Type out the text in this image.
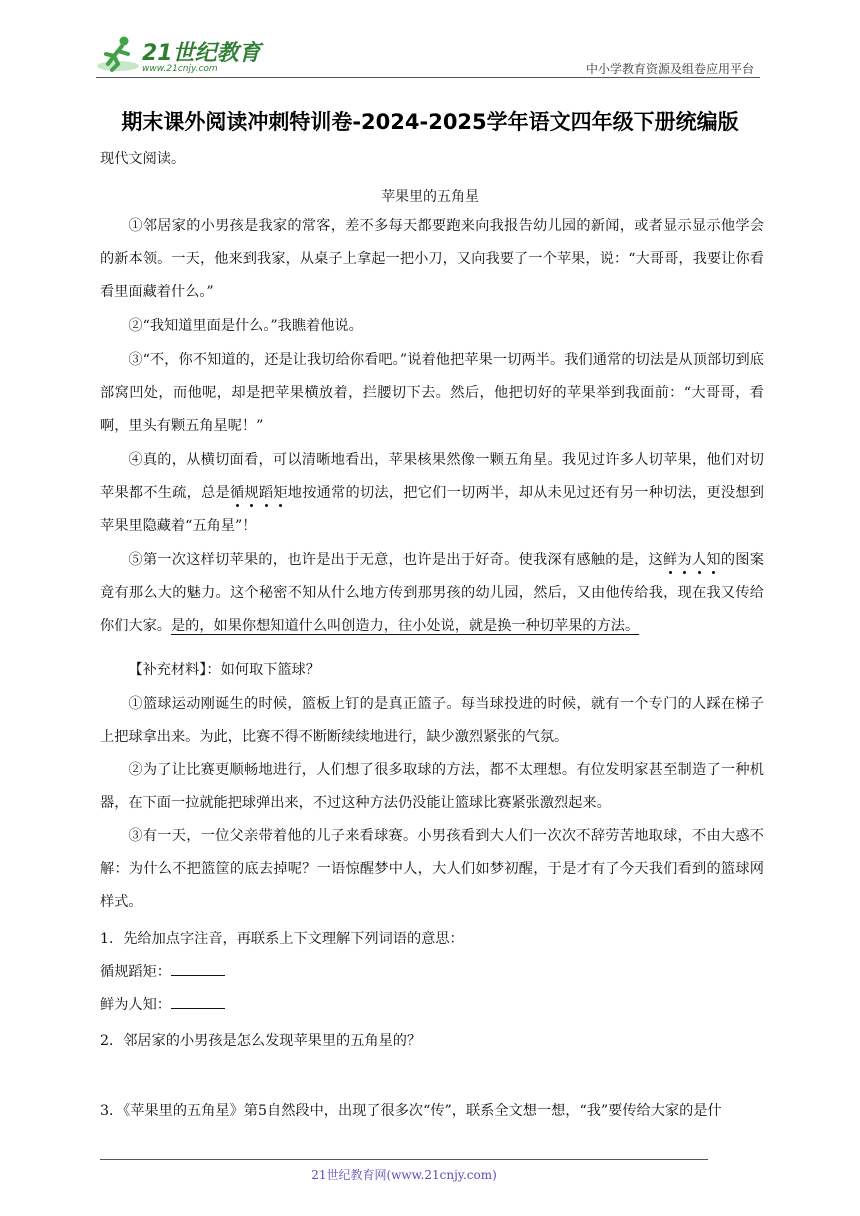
21世纪教育
www.21cnjy.com	中小学教育资源及组卷应用平台
期末课外阅读冲刺特训卷-2024-2025学年语文四年级下册统编版

现代文阅读。

苹果里的五角星

①邻居家的小男孩是我家的常客，差不多每天都要跑来向我报告幼儿园的新闻，或者显示显示他学会的新本领。一天，他来到我家，从桌子上拿起一把小刀，又向我要了一个苹果，说：“大哥哥，我要让你看看里面藏着什么。”

②“我知道里面是什么。”我瞧着他说。

③“不，你不知道的，还是让我切给你看吧。”说着他把苹果一切两半。我们通常的切法是从顶部切到底部窝凹处，而他呢，却是把苹果横放着，拦腰切下去。然后，他把切好的苹果举到我面前：“大哥哥，看啊，里头有颗五角星呢！”

④真的，从横切面看，可以清晰地看出，苹果核果然像一颗五角星。我见过许多人切苹果，他们对切苹果都不生疏，总是循规蹈矩地按通常的切法，把它们一切两半，却从未见过还有另一种切法，更没想到苹果里隐藏着“五角星”！

⑤第一次这样切苹果的，也许是出于无意，也许是出于好奇。使我深有感触的是，这鲜为人知的图案竟有那么大的魅力。这个秘密不知从什么地方传到那男孩的幼儿园，然后，又由他传给我，现在我又传给你们大家。是的，如果你想知道什么叫创造力，往小处说，就是换一种切苹果的方法。

【补充材料】：如何取下篮球？

①篮球运动刚诞生的时候，篮板上钉的是真正篮子。每当球投进的时候，就有一个专门的人踩在梯子上把球拿出来。为此，比赛不得不断断续续地进行，缺少激烈紧张的气氛。

②为了让比赛更顺畅地进行，人们想了很多取球的方法，都不太理想。有位发明家甚至制造了一种机器，在下面一拉就能把球弹出来，不过这种方法仍没能让篮球比赛紧张激烈起来。

③有一天，一位父亲带着他的儿子来看球赛。小男孩看到大人们一次次不辞劳苦地取球，不由大惑不解：为什么不把篮筐的底去掉呢？一语惊醒梦中人，大人们如梦初醒，于是才有了今天我们看到的篮球网样式。

1．先给加点字注音，再联系上下文理解下列词语的意思：

循规蹈矩：

鲜为人知：

2．邻居家的小男孩是怎么发现苹果里的五角星的？

3．《苹果里的五角星》第5自然段中，出现了很多次“传”，联系全文想一想，“我”要传给大家的是什

21世纪教育网(www.21cnjy.com)
